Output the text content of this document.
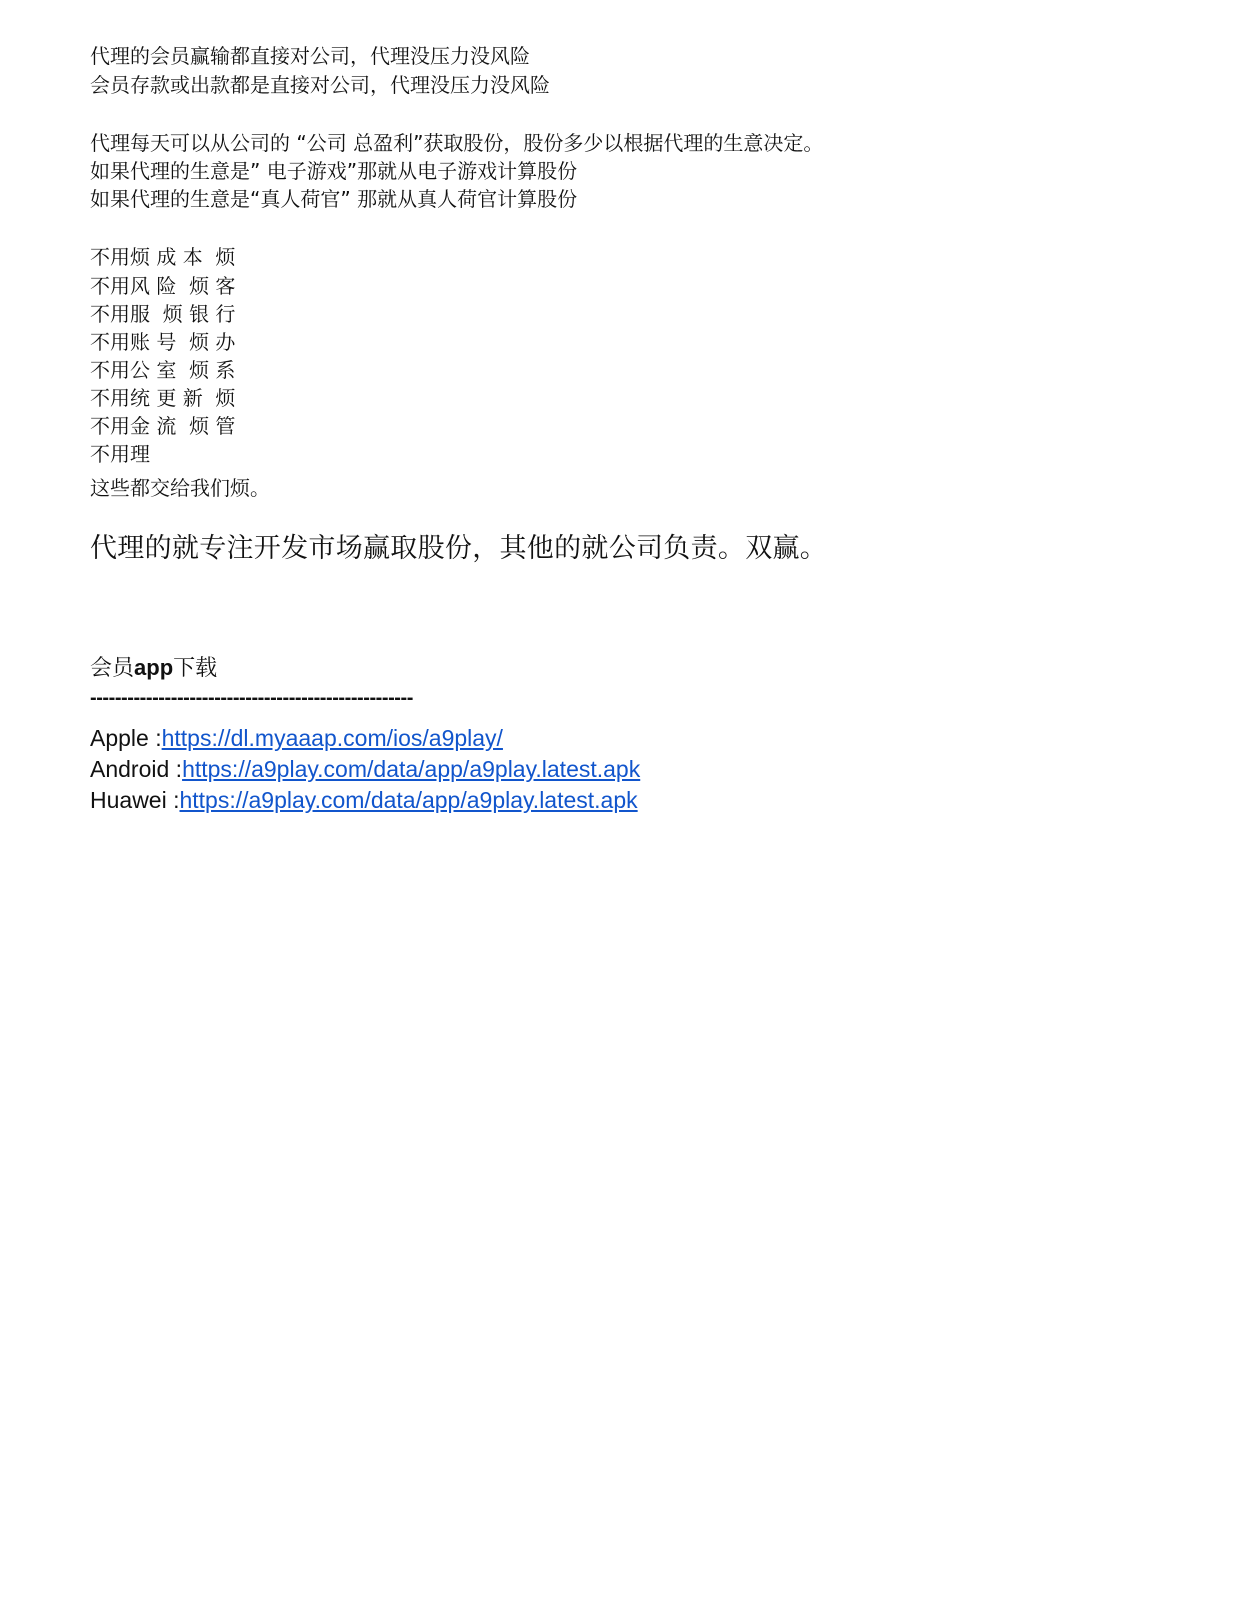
代理的会员赢输都直接对公司，代理没压力没风险

会员存款或出款都是直接对公司，代理没压力没风险

代理每天可以从公司的 “公司 总盈利”获取股份，股份多少以根据代理的生意决定。

如果代理的生意是” 电子游戏”那就从电子游戏计算股份

如果代理的生意是“真人荷官” 那就从真人荷官计算股份

不用烦 成 本  烦

不用风 险  烦 客

不用服  烦 银 行

不用账 号  烦 办

不用公 室  烦 系

不用统 更 新  烦

不用金 流  烦 管

不用理

这些都交给我们烦。

代理的就专注开发市场赢取股份，其他的就公司负责。双赢。

会员app下载

----------------------------------------------------

Apple :https://dl.myaaap.com/ios/a9play/

Android :https://a9play.com/data/app/a9play.latest.apk

Huawei :https://a9play.com/data/app/a9play.latest.apk
